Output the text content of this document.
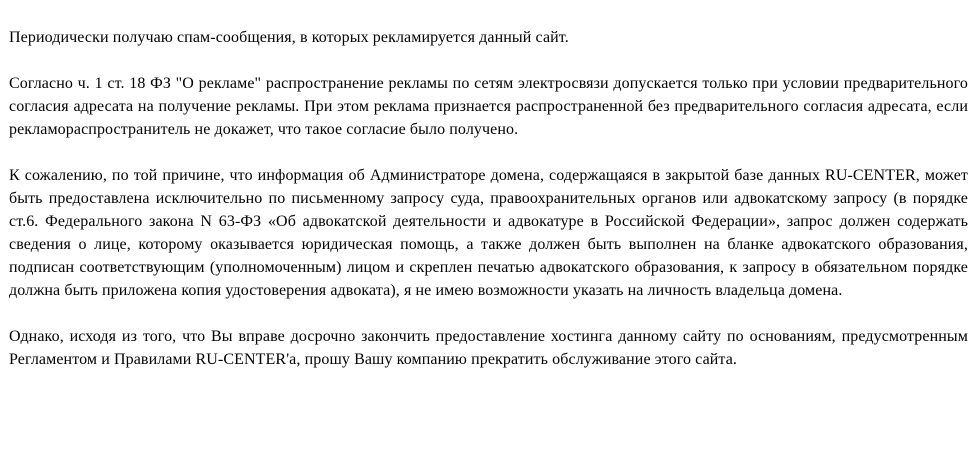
Периодически получаю спам-сообщения, в которых рекламируется данный сайт.

Согласно ч. 1 ст. 18 ФЗ "О рекламе" распространение рекламы по сетям электросвязи допускается только при условии предварительного согласия адресата на получение рекламы. При этом реклама признается распространенной без предварительного согласия адресата, если рекламораспространитель не докажет, что такое согласие было получено.

К сожалению, по той причине, что информация об Администраторе домена, содержащаяся в закрытой базе данных RU-CENTER, может быть предоставлена исключительно по письменному запросу суда, правоохранительных органов или адвокатскому запросу (в порядке ст.6. Федерального закона N 63-ФЗ «Об адвокатской деятельности и адвокатуре в Российской Федерации», запрос должен содержать сведения о лице, которому оказывается юридическая помощь, а также должен быть выполнен на бланке адвокатского образования, подписан соответствующим (уполномоченным) лицом и скреплен печатью адвокатского образования, к запросу в обязательном порядке должна быть приложена копия удостоверения адвоката), я не имею возможности указать на личность владельца домена.

Однако, исходя из того, что Вы вправе досрочно закончить предоставление хостинга данному сайту по основаниям, предусмотренным Регламентом и Правилами RU-CENTER'а, прошу Вашу компанию прекратить обслуживание этого сайта.
